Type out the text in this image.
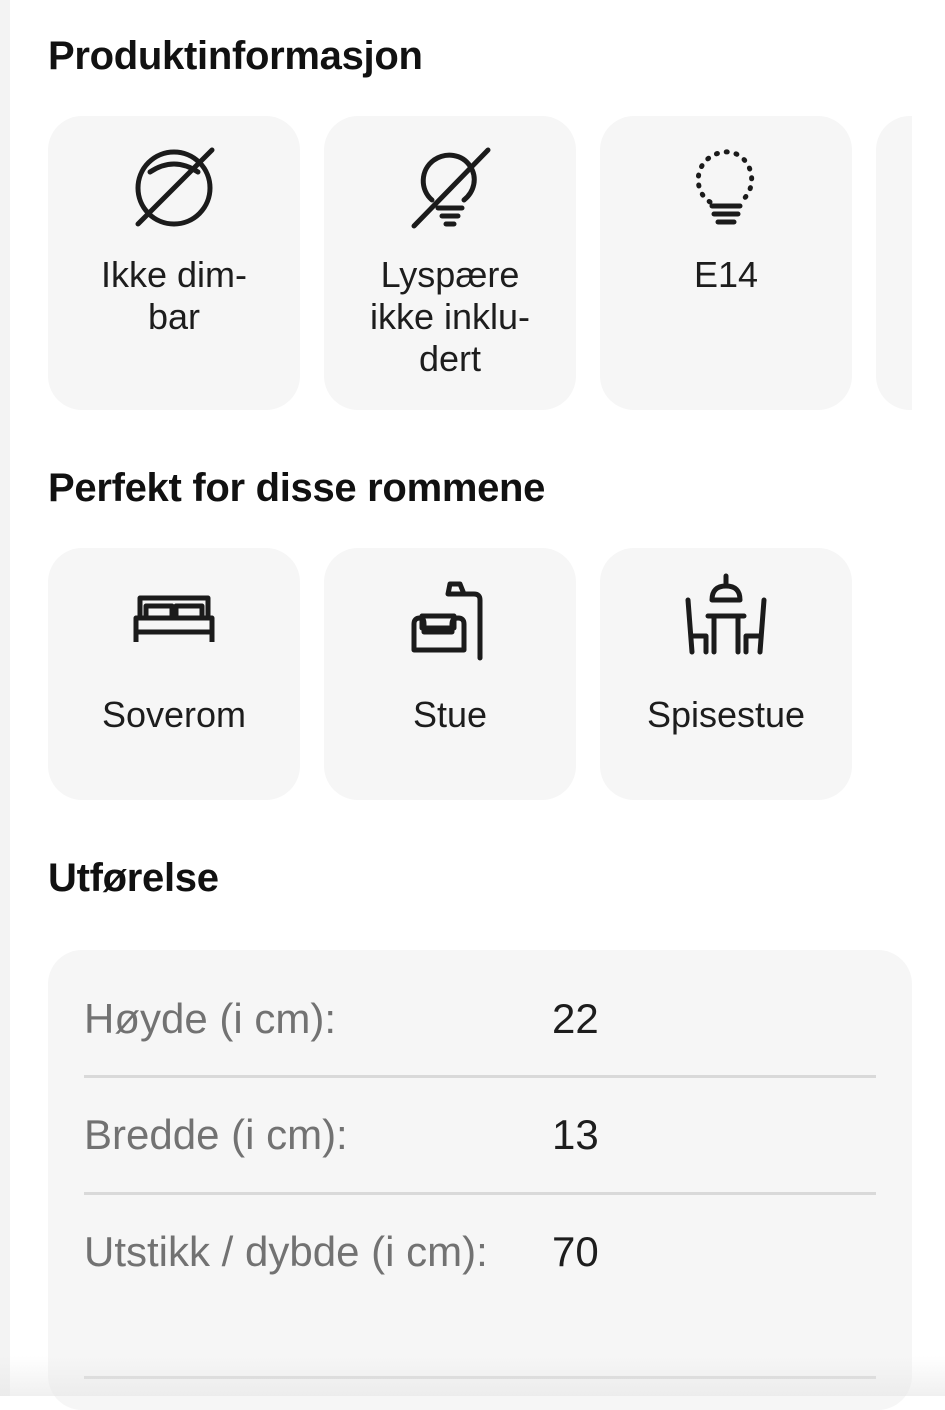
Produktinformasjon
Ikke dim-
bar
Lyspære ikke inklu-
dert
E14
Perfekt for disse rommene
Soverom	Stue	Spisestue
Utførelse
Høyde (i cm):	22
Bredde (i cm):	13
Utstikk / dybde (i cm):	70
